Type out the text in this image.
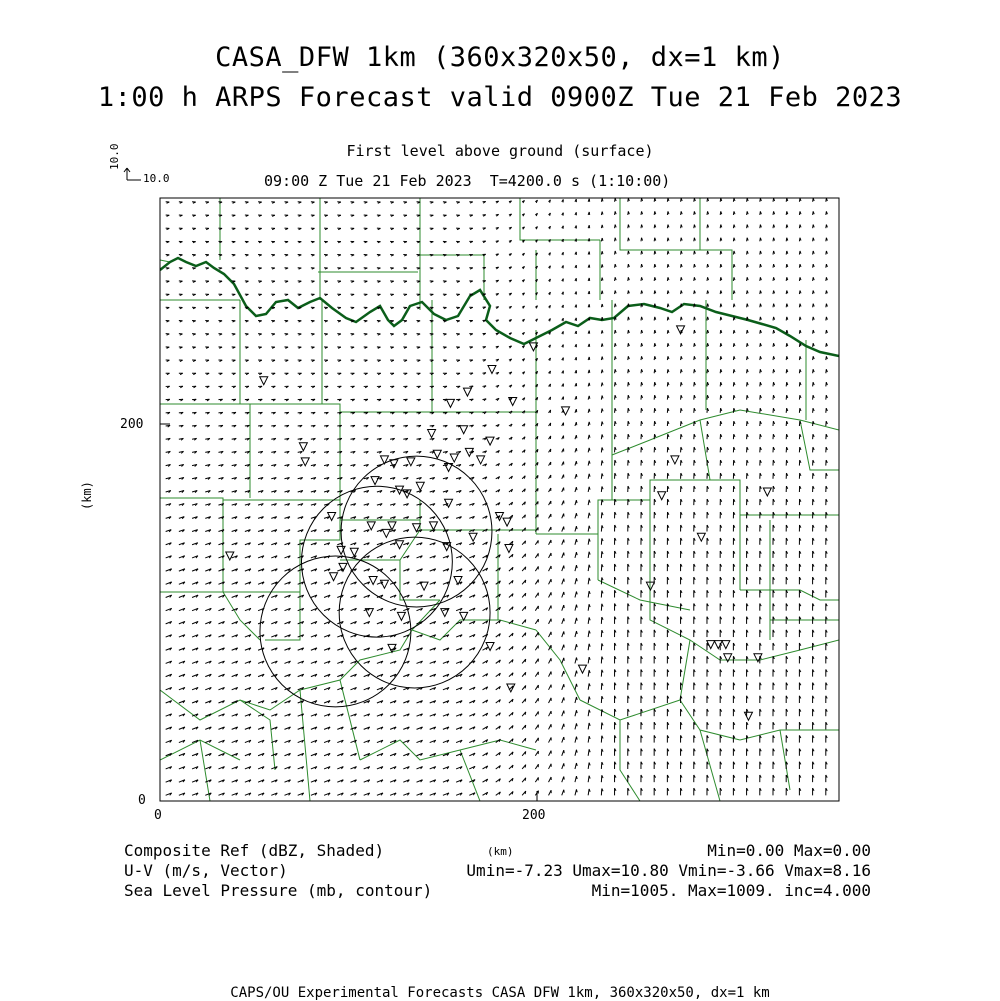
CASA_DFW 1km (360x320x50, dx=1 km)
1:00 h ARPS Forecast valid 0900Z Tue 21 Feb 2023
First level above ground (surface)
09:00 Z Tue 21 Feb 2023 T=4200.0 s (1:10:00)
10.0
10.0
(km)
200
0
0	200
(km)
Composite Ref (dBZ, Shaded)	Min=0.00 Max=0.00
U-V (m/s, Vector)	Umin=-7.23 Umax=10.80 Vmin=-3.66 Vmax=8.16
Sea Level Pressure (mb, contour)	Min=1005. Max=1009. inc=4.000
CAPS/OU Experimental Forecasts CASA DFW 1km, 360x320x50, dx=1 km
